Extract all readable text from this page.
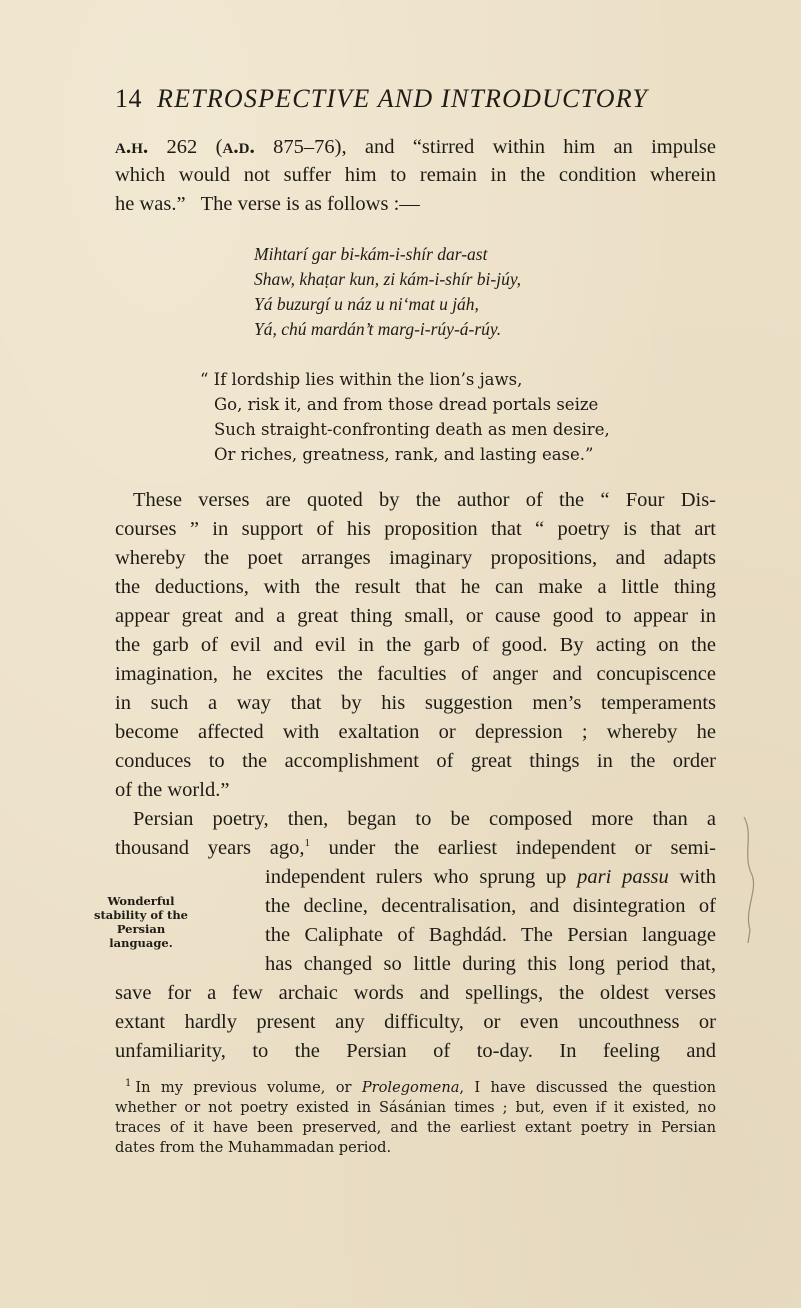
14 RETROSPECTIVE AND INTRODUCTORY
a.h. 262 (a.d. 875–76), and “stirred within him an impulse
which would not suffer him to remain in the condition wherein
he was.”   The verse is as follows :—
Mihtarí gar bi-kám-i-shír dar-ast
Shaw, khaṭar kun, zi kám-i-shír bi-júy,
Yá buzurgí u náz u ni‘mat u jáh,
Yá, chú mardán’t marg-i-rúy-á-rúy.
“ If lordship lies within the lion’s jaws,
Go, risk it, and from those dread portals seize
Such straight-confronting death as men desire,
Or riches, greatness, rank, and lasting ease.”
These verses are quoted by the author of the “ Four Dis-
courses ” in support of his proposition that “ poetry is that art
whereby the poet arranges imaginary propositions, and adapts
the deductions, with the result that he can make a little thing
appear great and a great thing small, or cause good to appear in
the garb of evil and evil in the garb of good. By acting on the
imagination, he excites the faculties of anger and concupiscence
in such a way that by his suggestion men’s temperaments
become affected with exaltation or depression ; whereby he
conduces to the accomplishment of great things in the order
of the world.”
Persian poetry, then, began to be composed more than a
thousand years ago,$^1$ under the earliest independent or semi-
independent rulers who sprung up pari passu with
the decline, decentralisation, and disintegration of
the Caliphate of Baghdád. The Persian language
has changed so little during this long period that,
save for a few archaic words and spellings, the oldest verses
extant hardly present any difficulty, or even uncouthness or
unfamiliarity, to the Persian of to-day. In feeling and
Wonderful
stability of the
Persian
language.
$^1$ In my previous volume, or Prolegomena, I have discussed the question
whether or not poetry existed in Sásánian times ; but, even if it existed, no
traces of it have been preserved, and the earliest extant poetry in Persian
dates from the Muhammadan period.
